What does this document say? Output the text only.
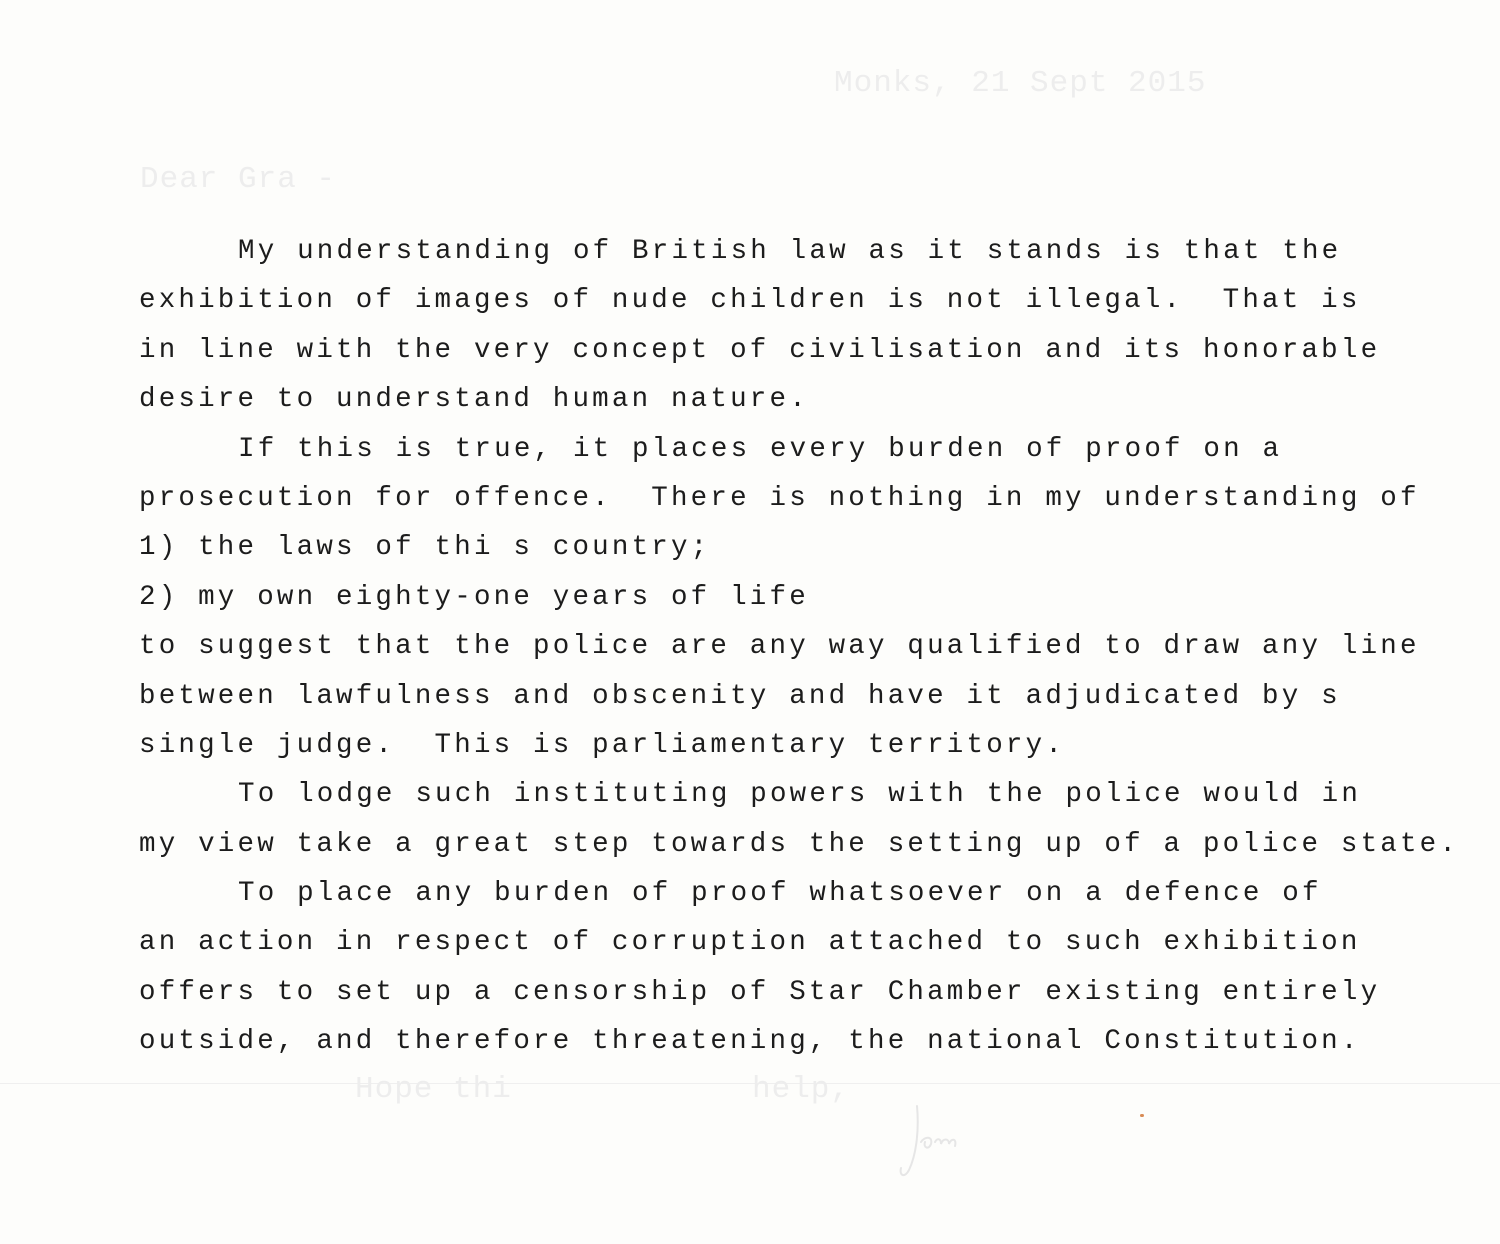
Monks, 21 Sept 2015
Dear Gra -
My understanding of British law as it stands is that the
exhibition of images of nude children is not illegal.  That is
in line with the very concept of civilisation and its honorable
desire to understand human nature.
If this is true, it places every burden of proof on a
prosecution for offence.  There is nothing in my understanding of
1) the laws of thi s country;
2) my own eighty-one years of life
to suggest that the police are any way qualified to draw any line
between lawfulness and obscenity and have it adjudicated by s
single judge.  This is parliamentary territory.
To lodge such instituting powers with the police would in
my view take a great step towards the setting up of a police state.
To place any burden of proof whatsoever on a defence of
an action in respect of corruption attached to such exhibition
offers to set up a censorship of Star Chamber existing entirely
outside, and therefore threatening, the national Constitution.
Hope thi	help,
